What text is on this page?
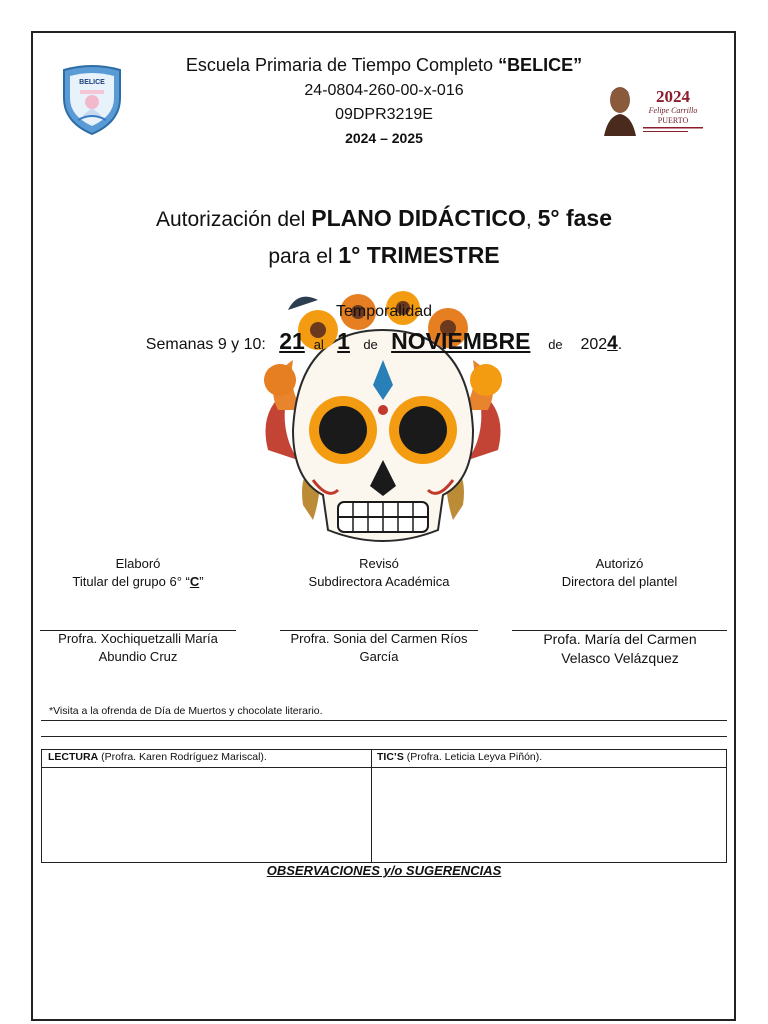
BELICE
2024
Felipe Carrillo
PUERTO
Escuela Primaria de Tiempo Completo “BELICE”
24-0804-260-00-x-016
09DPR3219E
2024 – 2025
Autorización del PLANO DIDÁCTICO, 5° fase
para el 1° TRIMESTRE
Temporalidad
Semanas 9 y 10: 21 al 1 de NOVIEMBRE de 2024.
Elaboró
Titular del grupo 6° “C”
Revisó
Subdirectora Académica
Autorizó
Directora del plantel
Profra. Xochiquetzalli María Abundio Cruz
Profra. Sonia del Carmen Ríos García
Profa. María del Carmen Velasco Velázquez
*Visita a la ofrenda de Día de Muertos y chocolate literario.
LECTURA (Profra. Karen Rodríguez Mariscal).	TIC’S (Profra. Leticia Leyva Piñón).
OBSERVACIONES y/o SUGERENCIAS
